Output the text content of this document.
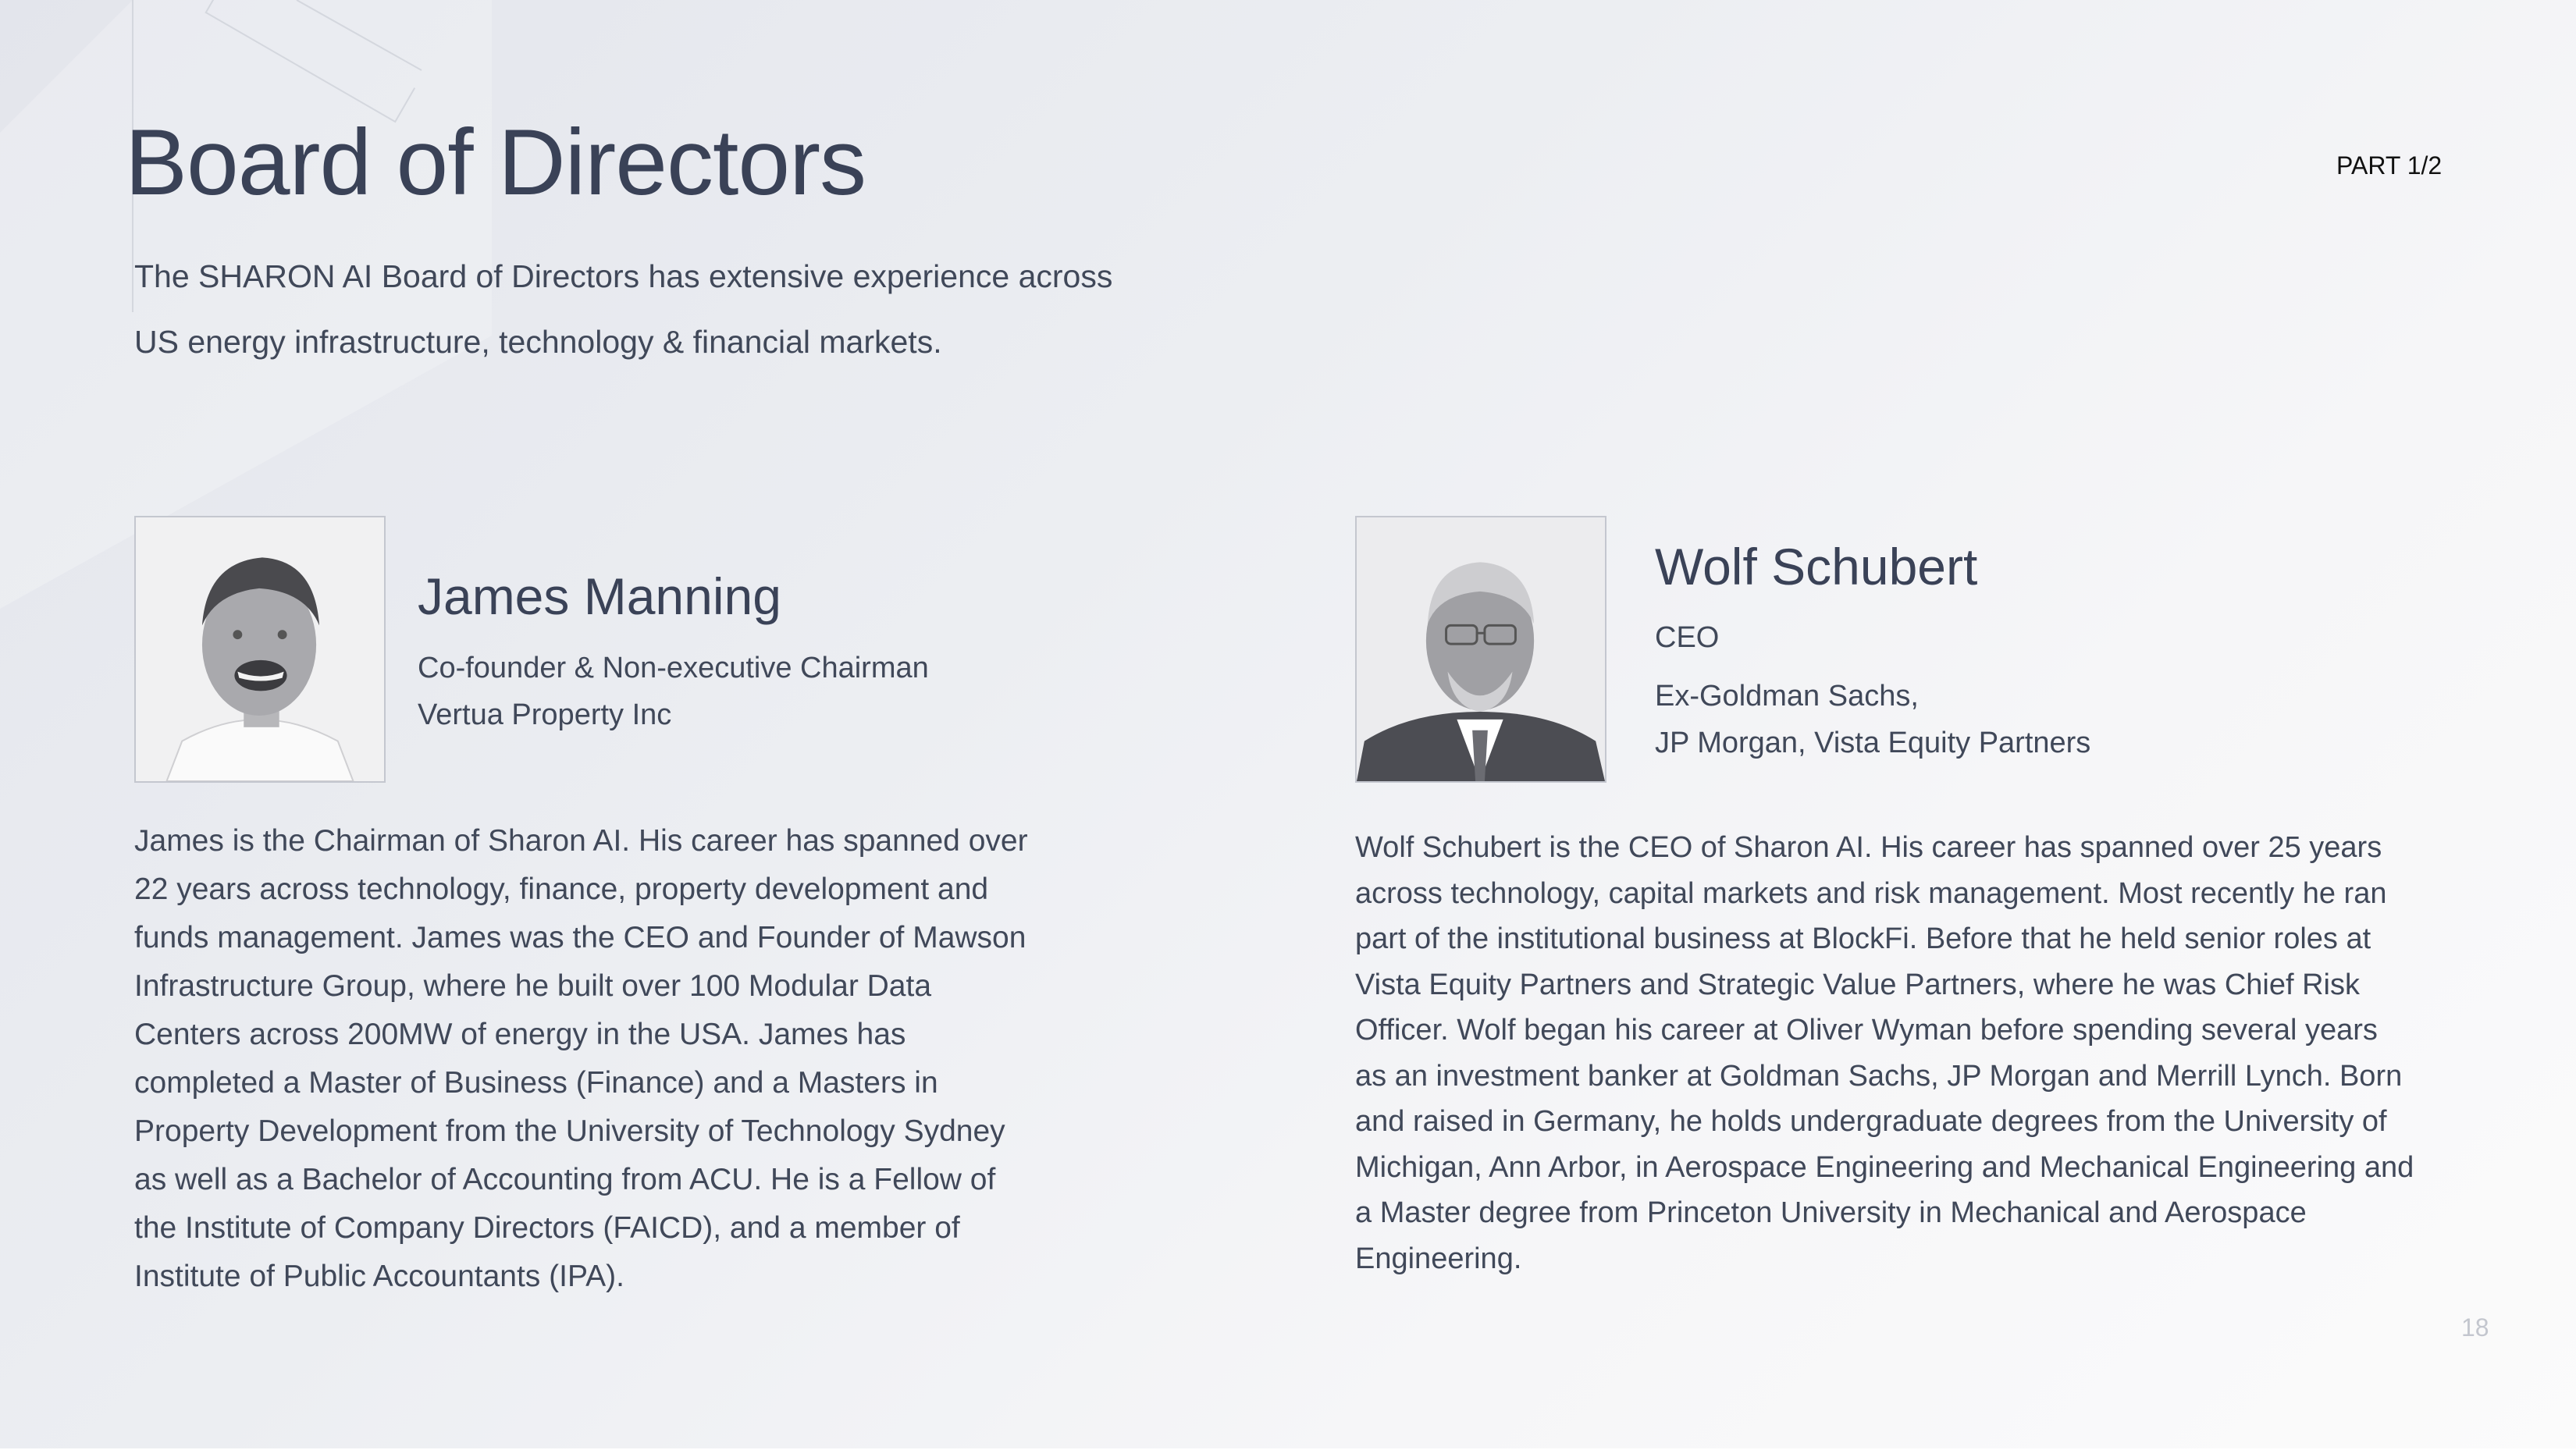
Board of Directors	PART 1/2
The SHARON AI Board of Directors has extensive experience across
US energy infrastructure, technology & financial markets.
James Manning
Co-founder & Non-executive Chairman
Vertua Property Inc
James is the Chairman of Sharon AI. His career has spanned over
22 years across technology, finance, property development and
funds management. James was the CEO and Founder of Mawson
Infrastructure Group, where he built over 100 Modular Data
Centers across 200MW of energy in the USA. James has
completed a Master of Business (Finance) and a Masters in
Property Development from the University of Technology Sydney
as well as a Bachelor of Accounting from ACU. He is a Fellow of
the Institute of Company Directors (FAICD), and a member of
Institute of Public Accountants (IPA).
Wolf Schubert
CEO
Ex-Goldman Sachs,
JP Morgan, Vista Equity Partners
Wolf Schubert is the CEO of Sharon AI. His career has spanned over 25 years
across technology, capital markets and risk management. Most recently he ran
part of the institutional business at BlockFi. Before that he held senior roles at
Vista Equity Partners and Strategic Value Partners, where he was Chief Risk
Officer. Wolf began his career at Oliver Wyman before spending several years
as an investment banker at Goldman Sachs, JP Morgan and Merrill Lynch. Born
and raised in Germany, he holds undergraduate degrees from the University of
Michigan, Ann Arbor, in Aerospace Engineering and Mechanical Engineering and
a Master degree from Princeton University in Mechanical and Aerospace
Engineering.
18
